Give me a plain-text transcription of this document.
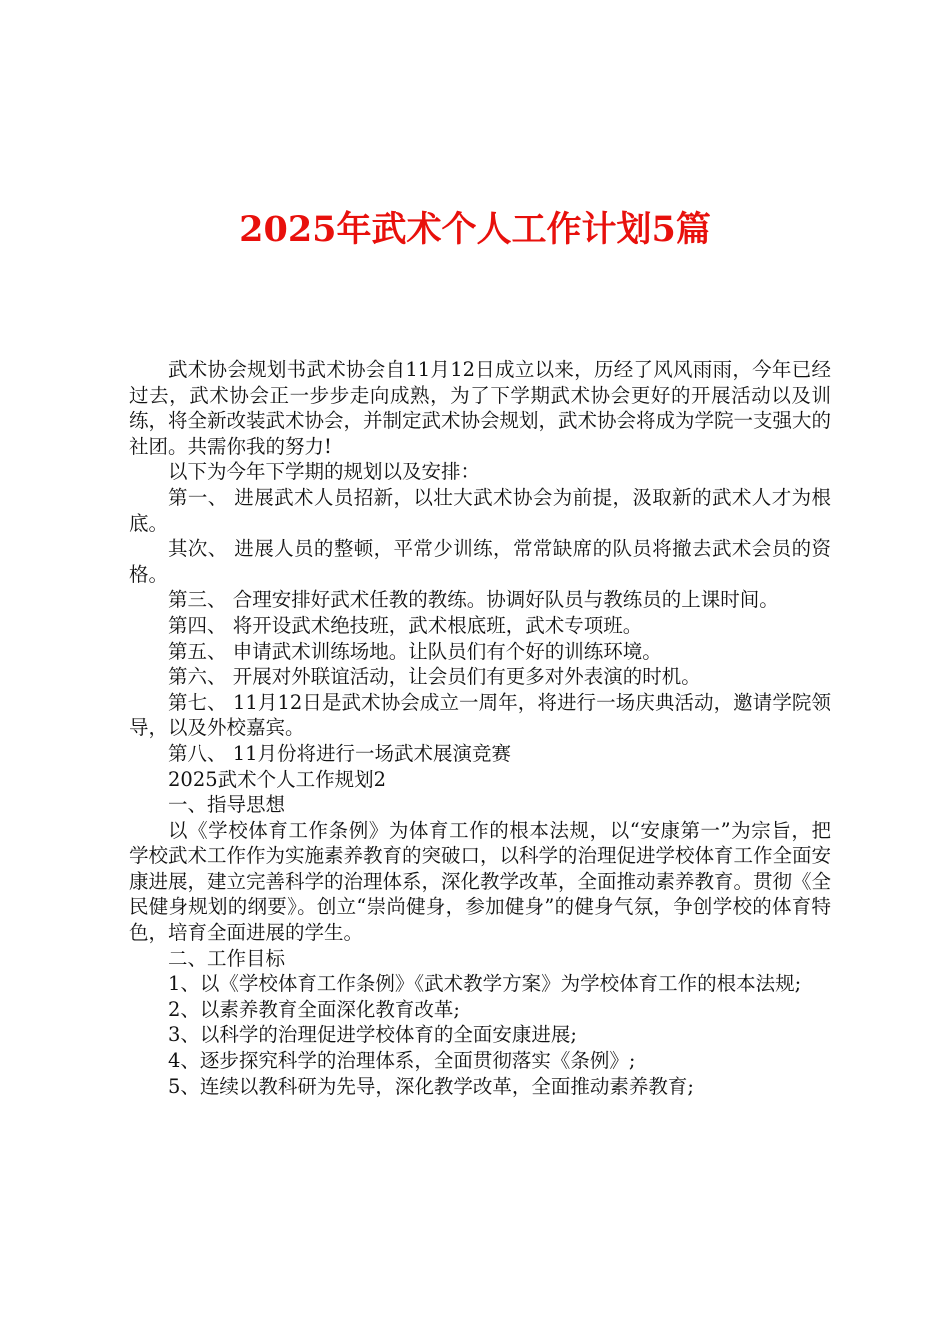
2025年武术个人工作计划5篇

武术协会规划书武术协会自11月12日成立以来，历经了风风雨雨，今年已经过去，武术协会正一步步走向成熟，为了下学期武术协会更好的开展活动以及训练，将全新改装武术协会，并制定武术协会规划，武术协会将成为学院一支强大的社团。共需你我的努力!

以下为今年下学期的规划以及安排：

第一、 进展武术人员招新，以壮大武术协会为前提，汲取新的武术人才为根底。

其次、 进展人员的整顿，平常少训练，常常缺席的队员将撤去武术会员的资格。

第三、 合理安排好武术任教的教练。协调好队员与教练员的上课时间。

第四、 将开设武术绝技班，武术根底班，武术专项班。

第五、 申请武术训练场地。让队员们有个好的训练环境。

第六、 开展对外联谊活动，让会员们有更多对外表演的时机。

第七、 11月12日是武术协会成立一周年，将进行一场庆典活动，邀请学院领导，以及外校嘉宾。

第八、 11月份将进行一场武术展演竞赛

2025武术个人工作规划2

一、指导思想

以《学校体育工作条例》为体育工作的根本法规，以“安康第一”为宗旨，把学校武术工作作为实施素养教育的突破口，以科学的治理促进学校体育工作全面安康进展，建立完善科学的治理体系，深化教学改革，全面推动素养教育。贯彻《全民健身规划的纲要》。创立“崇尚健身，参加健身”的健身气氛，争创学校的体育特色，培育全面进展的学生。

二、工作目标

1、以《学校体育工作条例》《武术教学方案》为学校体育工作的根本法规;

2、以素养教育全面深化教育改革;

3、以科学的治理促进学校体育的全面安康进展;

4、逐步探究科学的治理体系，全面贯彻落实《条例》;

5、连续以教科研为先导，深化教学改革，全面推动素养教育;
